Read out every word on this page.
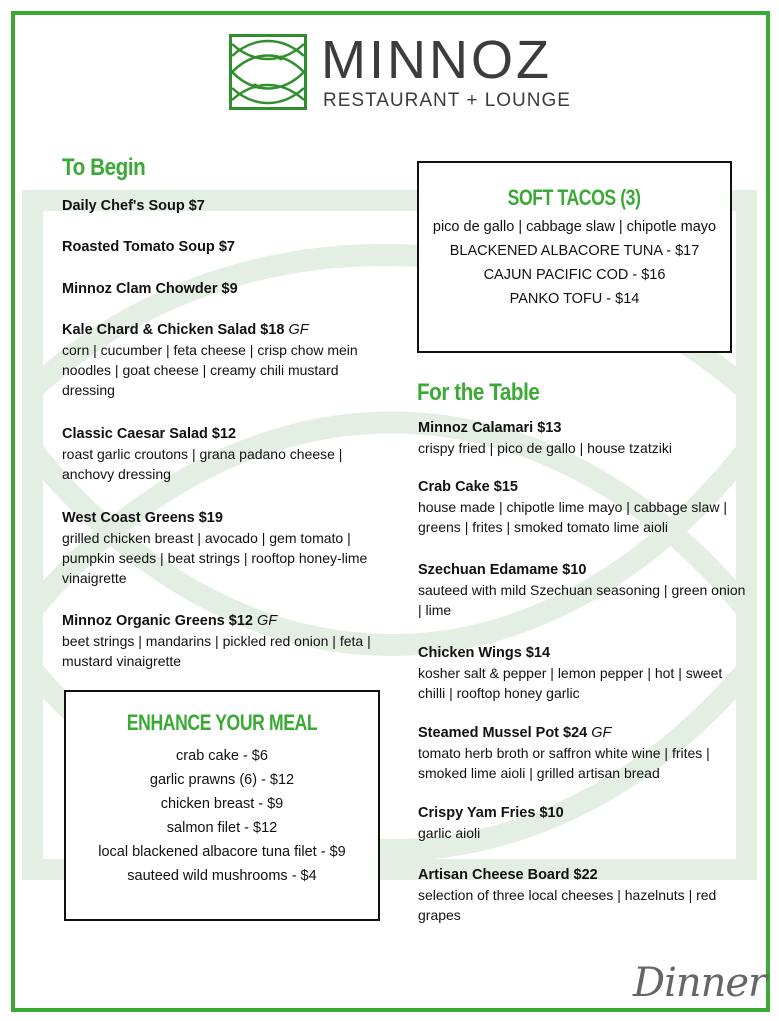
MINNOZ
RESTAURANT + LOUNGE
To Begin
Daily Chef's Soup $7
Roasted Tomato Soup $7
Minnoz Clam Chowder $9
Kale Chard & Chicken Salad $18 GF
corn | cucumber | feta cheese | crisp chow mein noodles | goat cheese | creamy chili mustard dressing
Classic Caesar Salad $12
roast garlic croutons | grana padano cheese | anchovy dressing
West Coast Greens $19
grilled chicken breast | avocado | gem tomato | pumpkin seeds | beat strings | rooftop honey-lime vinaigrette
Minnoz Organic Greens $12 GF
beet strings | mandarins | pickled red onion | feta | mustard vinaigrette
ENHANCE YOUR MEAL
crab cake - $6
garlic prawns (6) - $12
chicken breast - $9
salmon filet - $12
local blackened albacore tuna filet - $9
sauteed wild mushrooms - $4
SOFT TACOS (3)
pico de gallo | cabbage slaw | chipotle mayo
BLACKENED ALBACORE TUNA - $17
CAJUN PACIFIC COD - $16
PANKO TOFU - $14
For the Table
Minnoz Calamari $13
crispy fried | pico de gallo | house tzatziki
Crab Cake $15
house made | chipotle lime mayo | cabbage slaw | greens | frites | smoked tomato lime aioli
Szechuan Edamame $10
sauteed with mild Szechuan seasoning | green onion | lime
Chicken Wings $14
kosher salt & pepper | lemon pepper | hot | sweet chilli | rooftop honey garlic
Steamed Mussel Pot $24 GF
tomato herb broth or saffron white wine | frites | smoked lime aioli | grilled artisan bread
Crispy Yam Fries $10
garlic aioli
Artisan Cheese Board $22
selection of three local cheeses | hazelnuts | red grapes
Dinner
